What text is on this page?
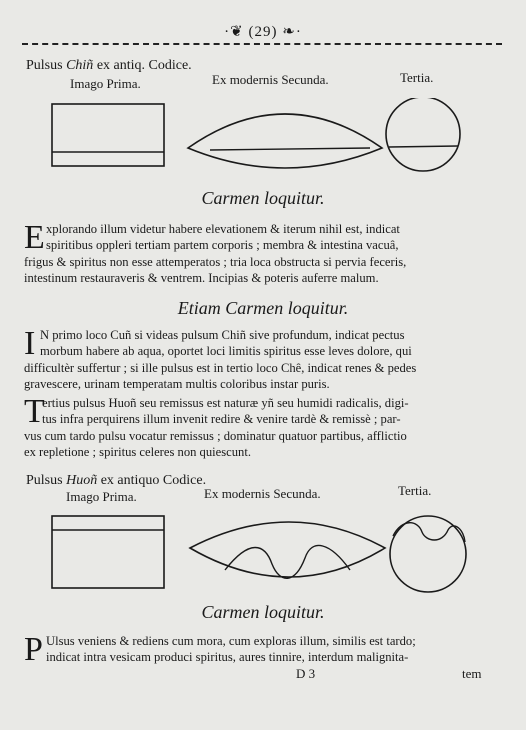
·❦ (29) ❧·
Pulsus Chiñ ex antiq. Codice.
Imago Prima.	Ex modernis Secunda.	Tertia.
Carmen loquitur.
E xplorando illum videtur habere elevationem & iterum nihil est, indicat

spiritibus oppleri tertiam partem corporis ; membra & intestina vacuâ,

frigus & spiritus non esse attemperatos ; tria loca obstructa si pervia feceris,

intestinum restauraveris & ventrem. Incipias & poteris auferre malum.

Etiam Carmen loquitur.
I N primo loco Cuñ si videas pulsum Chiñ sive profundum, indicat pectus

morbum habere ab aqua, oportet loci limitis spiritus esse leves dolore, qui

difficultèr suffertur ; si ille pulsus est in tertio loco Chê, indicat renes & pedes

gravescere, urinam temperatam multis coloribus instar puris.

T

ertius pulsus Huoñ seu remissus est naturæ yñ seu humidi radicalis, digi-

tus infra perquirens illum invenit redire & venire tardè & remissè ; par-

vus cum tardo pulsu vocatur remissus ; dominatur quatuor partibus, afflictio

ex repletione ; spiritus celeres non quiescunt.

Pulsus Huoñ ex antiquo Codice.
Imago Prima.	Ex modernis Secunda.	Tertia.
Carmen loquitur.
P Ulsus veniens & rediens cum mora, cum exploras illum, similis est tardo;

indicat intra vesicam produci spiritus, aures tinnire, interdum malignita-

D 3	tem
